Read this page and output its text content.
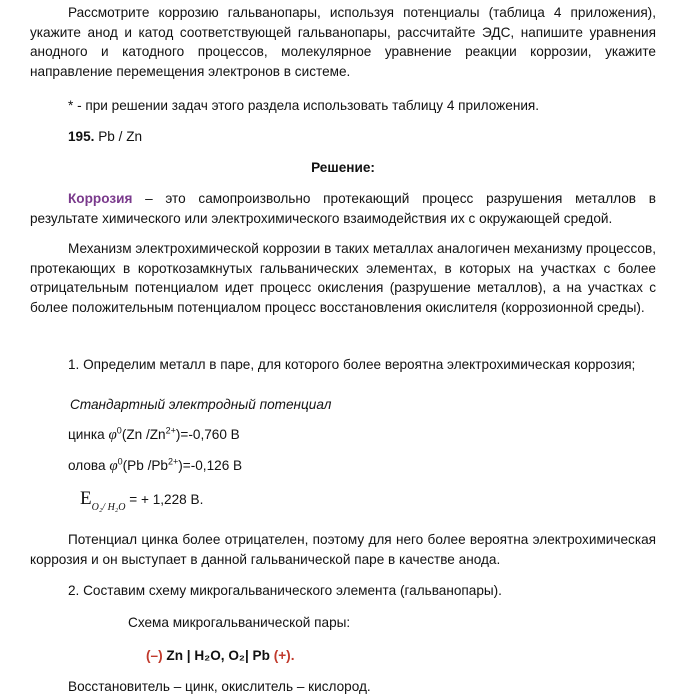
Рассмотрите коррозию гальванопары, используя потенциалы (таблица 4 приложения), укажите анод и катод соответствующей гальванопары, рассчитайте ЭДС, напишите уравнения анодного и катодного процессов, молекулярное уравнение реакции коррозии, укажите направление перемещения электронов в системе.

* - при решении задач этого раздела использовать таблицу 4 приложения.

195. Pb / Zn

Решение:

Коррозия – это самопроизвольно протекающий процесс разрушения металлов в результате химического или электрохимического взаимодействия их с окружающей средой.

Механизм электрохимической коррозии в таких металлах аналогичен механизму процессов, протекающих в короткозамкнутых гальванических элементах, в которых на участках с более отрицательным потенциалом идет процесс окисления (разрушение металлов), а на участках с более положительным потенциалом процесс восстановления окислителя (коррозионной среды).

1. Определим металл в паре, для которого более вероятна электрохимическая коррозия;

Стандартный электродный потенциал

цинка $\varphi^0(Zn$ $/Zn^{2+})=-0,760$ В

олова $\varphi^0(Pb$ $/Pb^{2+})=-0,126$ В

$E_{O_2/ H_2O}$ = + 1,228 В.

Потенциал цинка более отрицателен, поэтому для него более вероятна электрохимическая коррозия и он выступает в данной гальванической паре в качестве анода.

2. Составим схему микрогальванического элемента (гальванопары).

Схема микрогальванической пары:

(–) Zn | H₂O, O₂| Pb (+).

Восстановитель – цинк, окислитель – кислород.
